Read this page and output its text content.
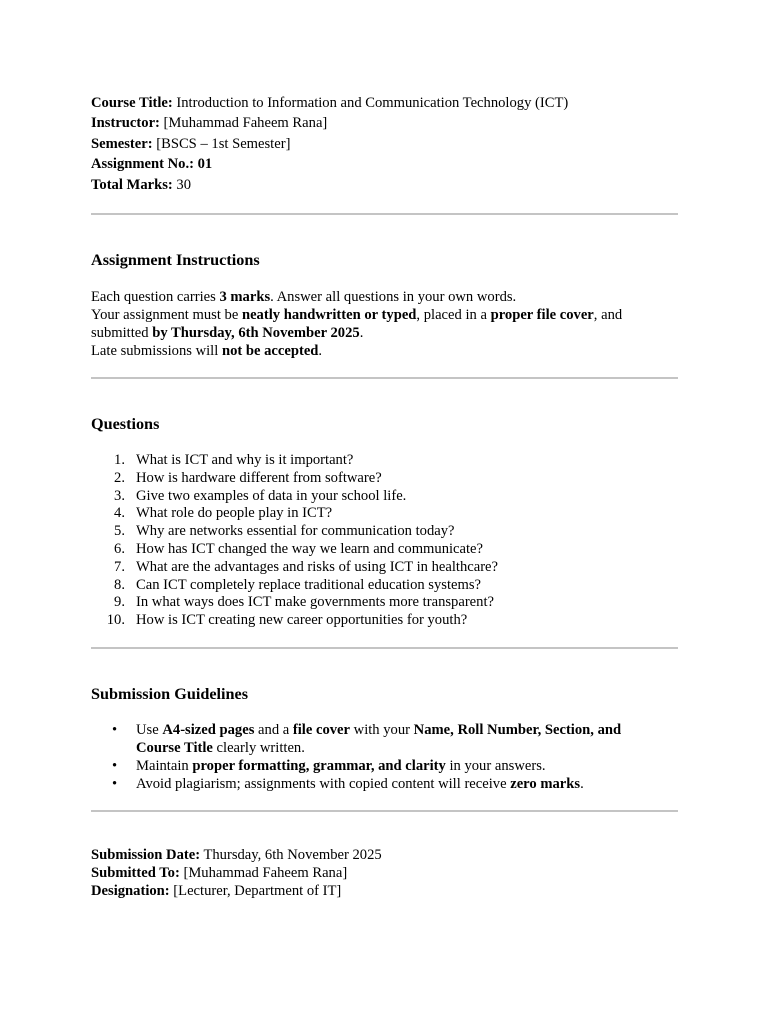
Course Title: Introduction to Information and Communication Technology (ICT)
Instructor: [Muhammad Faheem Rana]
Semester: [BSCS – 1st Semester]
Assignment No.: 01
Total Marks: 30
Assignment Instructions
Each question carries 3 marks. Answer all questions in your own words.
Your assignment must be neatly handwritten or typed, placed in a proper file cover, and
submitted by Thursday, 6th November 2025.
Late submissions will not be accepted.
Questions
1. What is ICT and why is it important?
2. How is hardware different from software?
3. Give two examples of data in your school life.
4. What role do people play in ICT?
5. Why are networks essential for communication today?
6. How has ICT changed the way we learn and communicate?
7. What are the advantages and risks of using ICT in healthcare?
8. Can ICT completely replace traditional education systems?
9. In what ways does ICT make governments more transparent?
10. How is ICT creating new career opportunities for youth?
Submission Guidelines
• Use A4-sized pages and a file cover with your Name, Roll Number, Section, and
Course Title clearly written.
• Maintain proper formatting, grammar, and clarity in your answers.
• Avoid plagiarism; assignments with copied content will receive zero marks.
Submission Date: Thursday, 6th November 2025
Submitted To: [Muhammad Faheem Rana]
Designation: [Lecturer, Department of IT]
